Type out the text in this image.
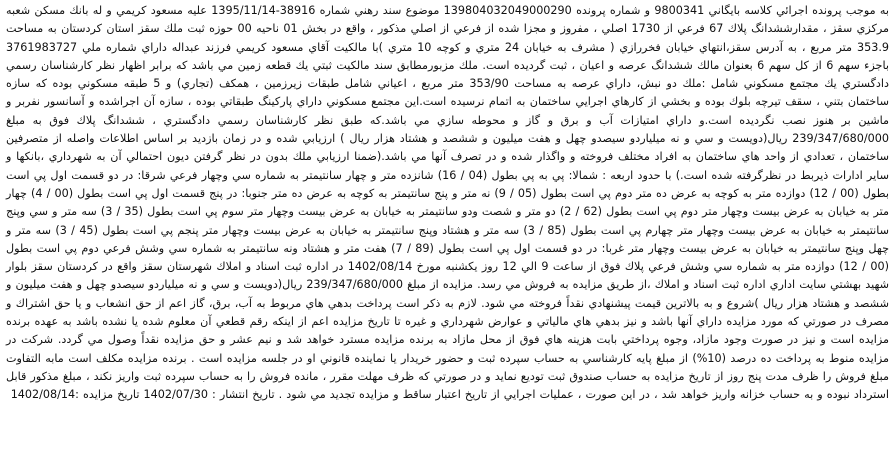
به موجب پرونده اجرائي كلاسه بايگاني 9800341 و شماره پرونده 139804032049000290 موضوع سند رهني شماره 38916-1395/11/14 عليه مسعود كريمي و له بانك مسكن شعبه مركزي سقز ، مقدارششدانگ پلاك 67 فرعي از 1730 اصلي ، مفروز و مجزا شده از فرعي از اصلي مذكور ، واقع در بخش 01 ناحيه 00 حوزه ثبت ملك سقز استان كردستان به مساحت 353.9 متر مربع ، به آدرس سقز،انتهاي خيابان فخررازي ( مشرف به خيابان 24 متري و كوچه 10 متري )با مالكيت آقاي مسعود كريمي فرزند عبداله داراي شماره ملي 3761983727 باجزء سهم 6 از كل سهم 6 بعنوان مالك ششدانگ عرصه و اعيان ، ثبت گرديده است. ملك مزبورمطابق سند مالكيت ثبتي يك قطعه زمين مي باشد كه برابر اظهار نظر كارشناسان رسمي دادگستري يك مجتمع مسكوني شامل :ملك دو نبش، داراي عرصه به مساحت 353/90 متر مربع ، اعياني شامل طبقات زيرزمين ، همكف (تجاري) و 5 طبقه مسكوني بوده كه سازه ساختمان بتني ، سقف تيرچه بلوك بوده و بخشي از كارهاي اجرايي ساختمان به اتمام نرسيده است.اين مجتمع مسكوني داراي پاركينگ طبقاتي بوده ، سازه آن اجراشده و آسانسور نفربر و ماشين بر هنوز نصب نگرديده است.و داراي امتيازات آب و برق و گاز و محوطه سازي مي باشد.كه طبق نظر كارشناسان رسمي دادگستري ، ششدانگ پلاك فوق به مبلغ 239/347/680/000 ريال(دويست و سي و نه ميلياردو سيصدو چهل و هفت ميليون و ششصد و هشتاد هزار ريال ) ارزيابي شده و در زمان بازديد بر اساس اطلاعات واصله از متصرفين ساختمان ، تعدادي از واحد هاي ساختمان به افراد مختلف فروخته و واگذار شده و در تصرف آنها مي باشد.(ضمنا ارزيابي ملك بدون در نظر گرفتن ديون احتمالي آن به شهرداري ،بانكها و ساير ادارات ذيربط در نظرگرفته شده است.) با حدود اربعه : شمالا: پي به پي بطول (04 / 16) شانزده متر و چهار سانتيمتر به شماره سي وچهار فرعي شرقا: در دو قسمت اول پي است بطول (00 / 12) دوازده متر به كوچه به عرض ده متر دوم پي است بطول (05 / 9) نه متر و پنج سانتيمتر به كوچه به عرض ده متر جنوبا: در پنج قسمت اول پي است بطول (00 / 4) چهار متر به خيابان به عرض بيست وچهار متر دوم پي است بطول (62 / 2) دو متر و شصت ودو سانتيمتر به خيابان به عرض بيست وچهار متر سوم پي است بطول (35 / 3) سه متر و سي وپنج سانتيمتر به خيابان به عرض بيست وچهار متر چهارم پي است بطول (85 / 3) سه متر و هشتاد وپنج سانتيمتر به خيابان به عرض بيست وچهار متر پنجم پي است بطول (45 / 3) سه متر و چهل وپنج سانتيمتر به خيابان به عرض بيست وچهار متر غربا: در دو قسمت اول پي است بطول (89 / 7) هفت متر و هشتاد ونه سانتيمتر به شماره سي وشش فرعي دوم پي است بطول (00 / 12) دوازده متر به شماره سي وشش فرعي پلاك فوق از ساعت 9 الي 12 روز يكشنبه مورخ 1402/08/14 در اداره ثبت اسناد و املاك شهرستان سقز واقع در كردستان سقز بلوار شهيد بهشتي سايت اداري اداره ثبت اسناد و املاك ،از طريق مزايده به فروش مي رسد. مزايده از مبلغ 239/347/680/000 ريال(دويست و سي و نه ميلياردو سيصدو چهل و هفت ميليون و ششصد و هشتاد هزار ريال )شروع و به بالاترين قيمت پيشنهادي نقداً فروخته مي شود. لازم به ذكر است پرداخت بدهي هاي مربوط به آب، برق، گاز اعم از حق انشعاب و يا حق اشتراك و مصرف در صورتي كه مورد مزايده داراي آنها باشد و نيز بدهي هاي مالياتي و عوارض شهرداري و غيره تا تاريخ مزايده اعم از اينكه رقم قطعي آن معلوم شده يا نشده باشد به عهده برنده مزايده است و نيز در صورت وجود مازاد، وجوه پرداختي بابت هزينه هاي فوق از محل مازاد به برنده مزايده مسترد خواهد شد و نيم عشر و حق مزايده نقداً وصول مي گردد. شركت در مزايده منوط به پرداخت ده درصد (10%) از مبلغ پايه كارشناسي به حساب سپرده ثبت و حضور خريدار يا نماينده قانوني او در جلسه مزايده است . برنده مزايده مكلف است مابه التفاوت مبلغ فروش را ظرف مدت پنج روز از تاريخ مزايده به حساب صندوق ثبت توديع نمايد و در صورتي كه ظرف مهلت مقرر ، مانده فروش را به حساب سپرده ثبت واريز نكند ، مبلغ مذكور قابل استرداد نبوده و به حساب خزانه واريز خواهد شد ، در اين صورت ، عمليات اجرايي از تاريخ اعتبار ساقط و مزايده تجديد مي شود . تاريخ انتشار : 1402/07/30 تاريخ مزايده :1402/08/14
